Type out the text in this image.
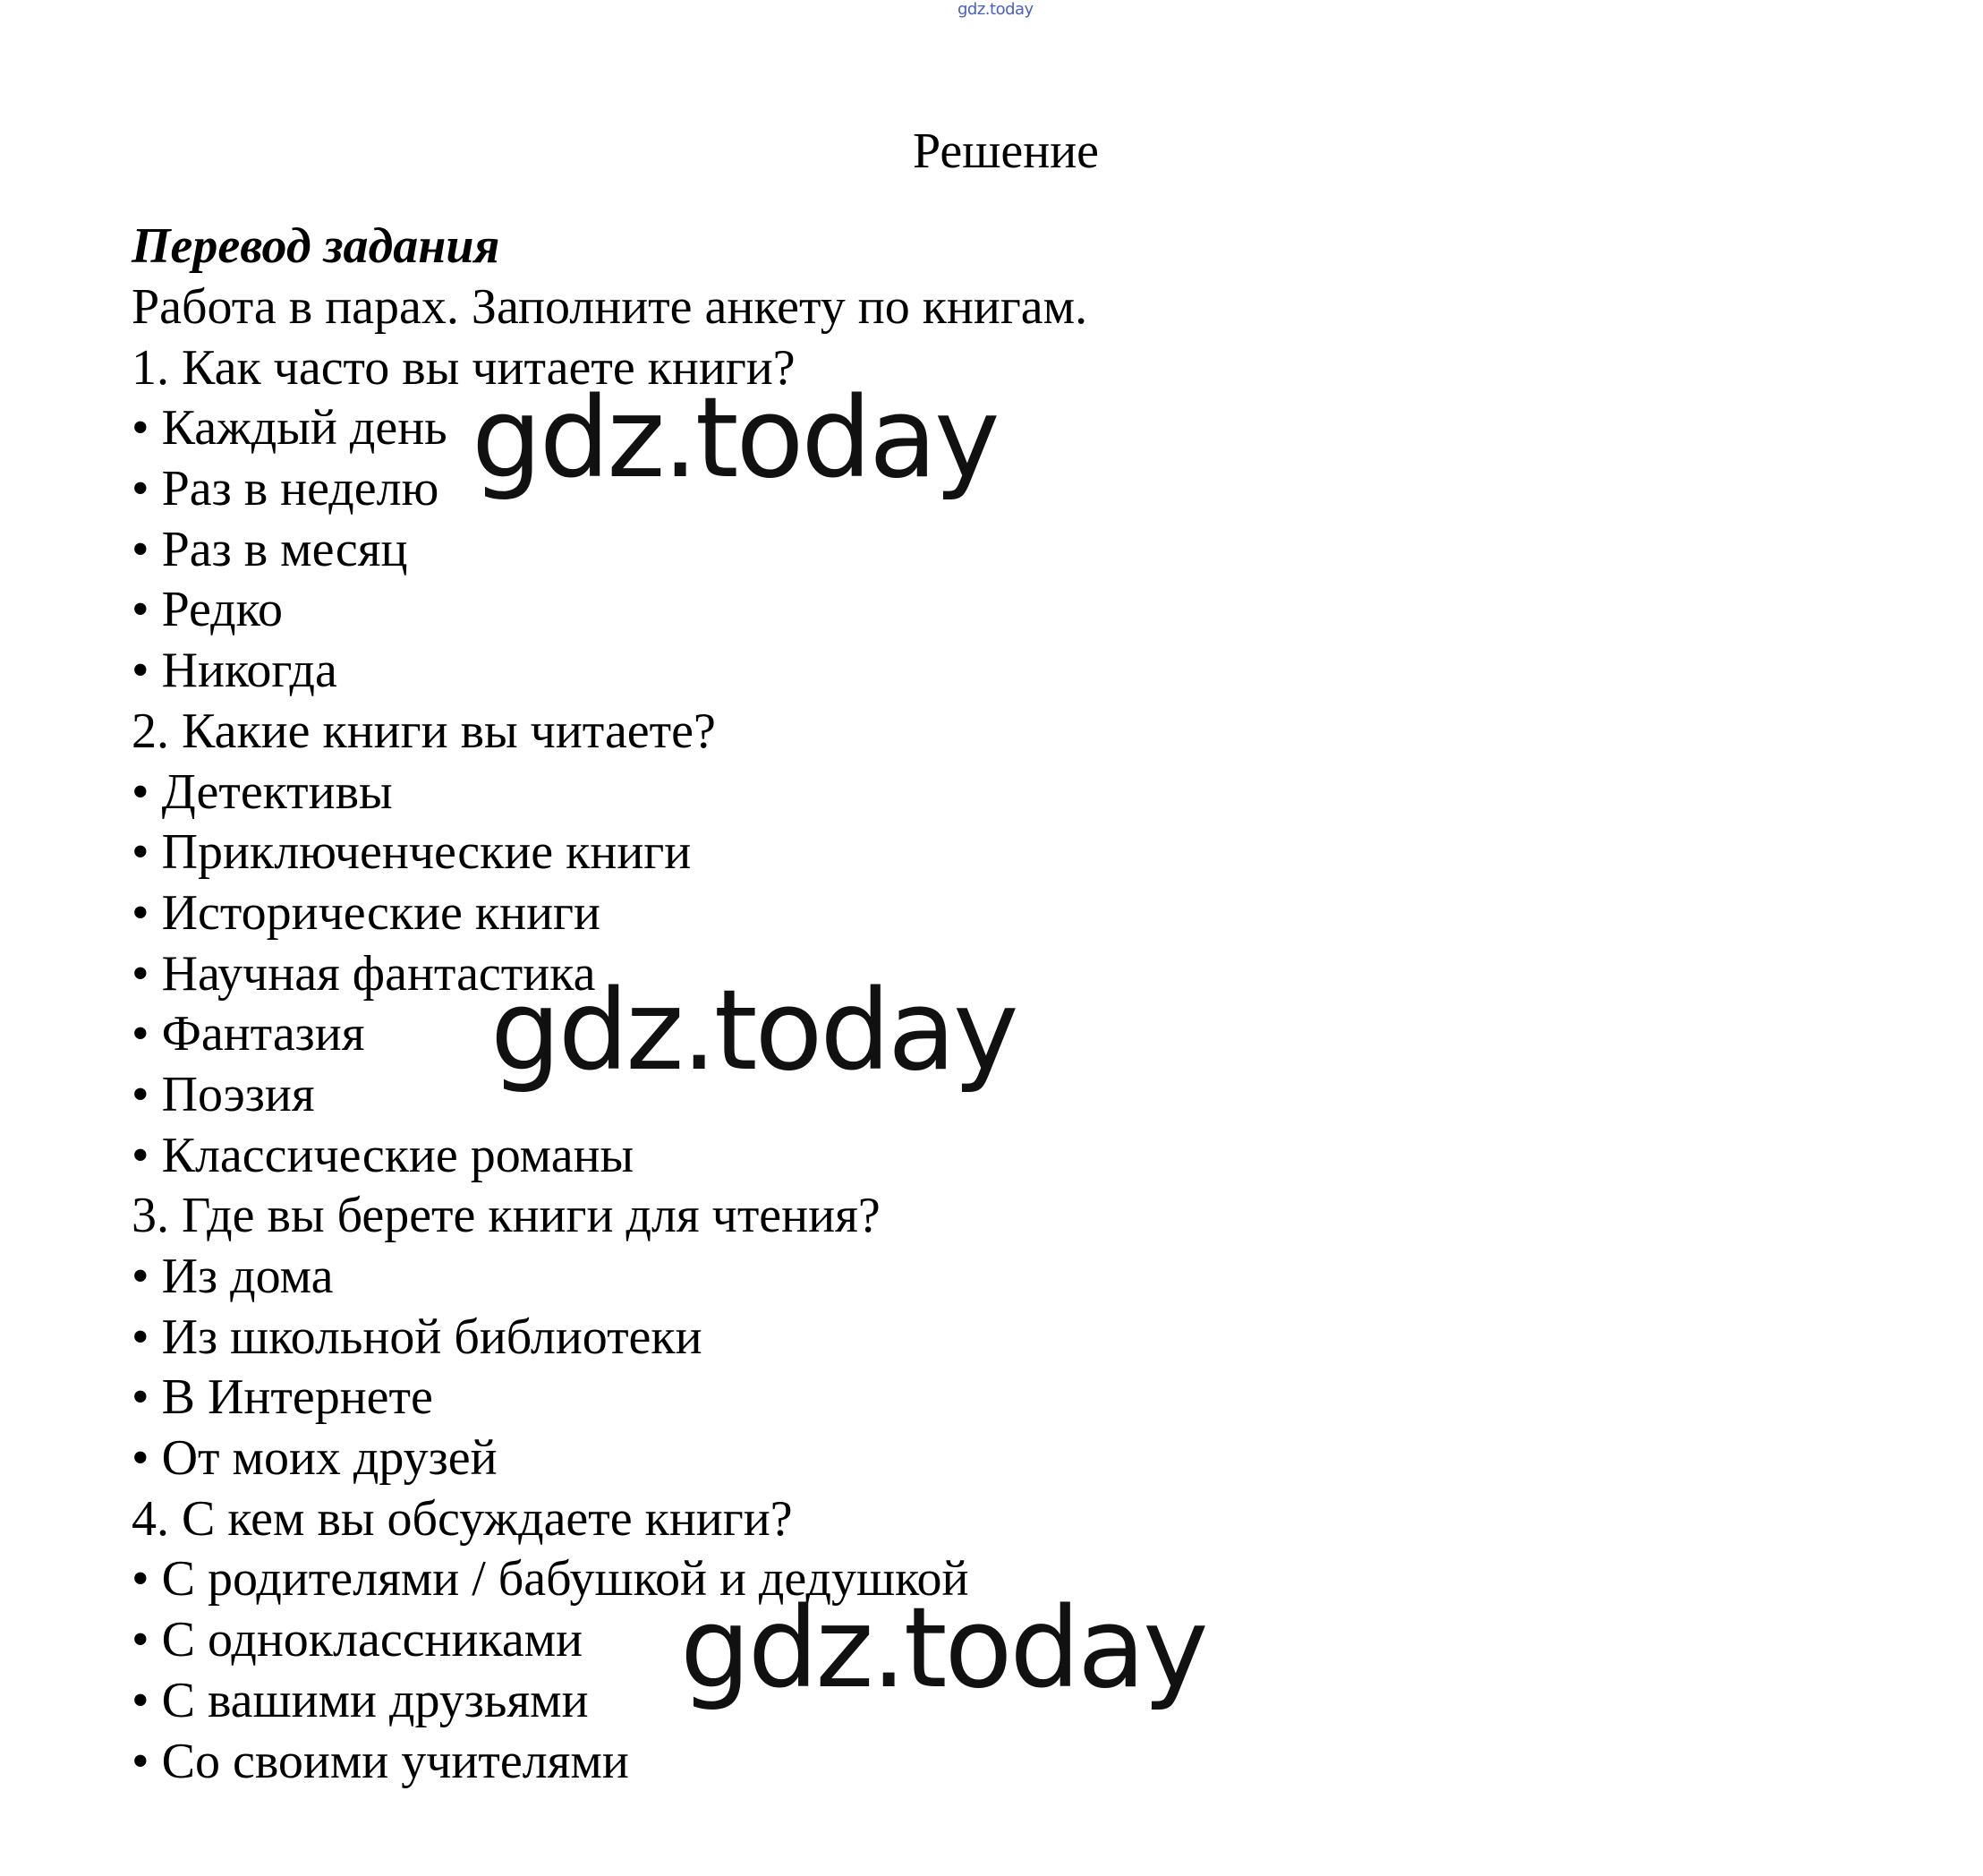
gdz.today
Решение
Перевод задания
Работа в парах. Заполните анкету по книгам.
1. Как часто вы читаете книги?
• Каждый день
• Раз в неделю
• Раз в месяц
• Редко
• Никогда
2. Какие книги вы читаете?
• Детективы
• Приключенческие книги
• Исторические книги
• Научная фантастика
• Фантазия
• Поэзия
• Классические романы
3. Где вы берете книги для чтения?
• Из дома
• Из школьной библиотеки
• В Интернете
• От моих друзей
4. С кем вы обсуждаете книги?
• С родителями / бабушкой и дедушкой
• С одноклассниками
• С вашими друзьями
• Со своими учителями
gdz.today
gdz.today
gdz.today
